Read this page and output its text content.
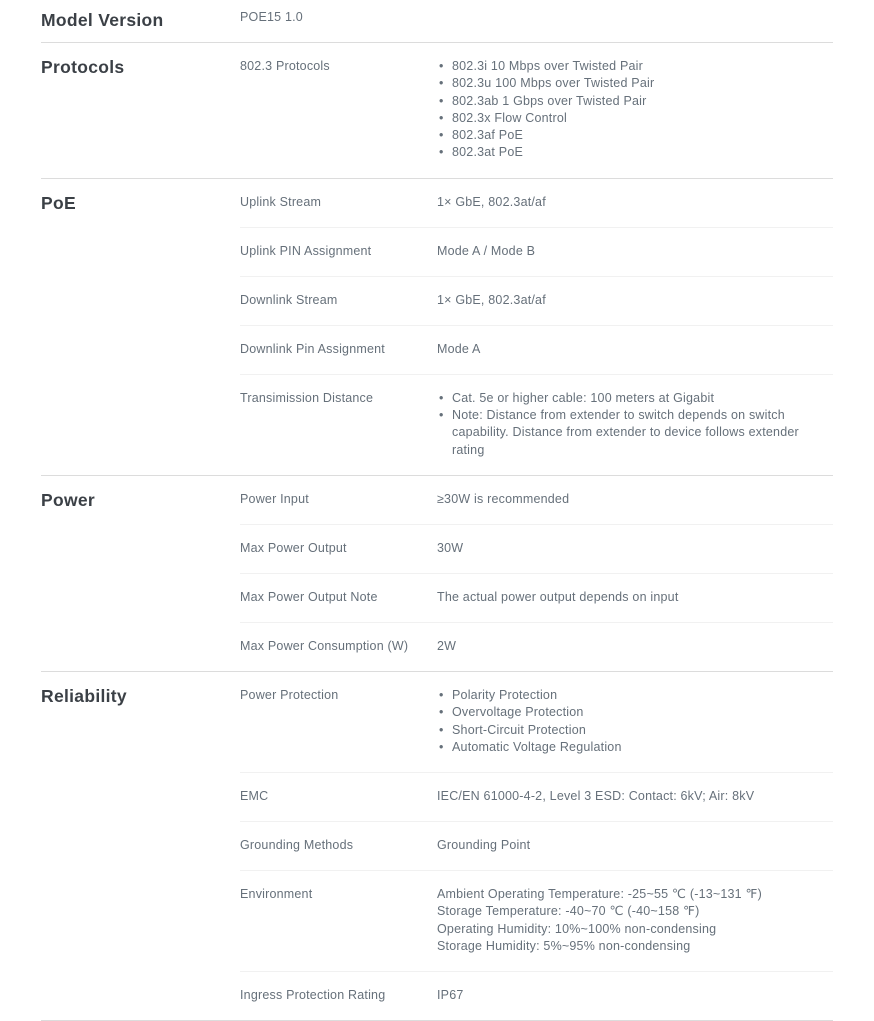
Model Version	POE15 1.0
Protocols	802.3 Protocols	• 802.3i 10 Mbps over Twisted Pair
• 802.3u 100 Mbps over Twisted Pair
• 802.3ab 1 Gbps over Twisted Pair
• 802.3x Flow Control
• 802.3af PoE
• 802.3at PoE
PoE	Uplink Stream	1× GbE, 802.3at/af
Uplink PIN Assignment	Mode A / Mode B
Downlink Stream	1× GbE, 802.3at/af
Downlink Pin Assignment	Mode A
Transimission Distance	• Cat. 5e or higher cable: 100 meters at Gigabit
• Note: Distance from extender to switch depends on switch capability. Distance from extender to device follows extender rating
Power	Power Input	≥30W is recommended
Max Power Output	30W
Max Power Output Note	The actual power output depends on input
Max Power Consumption (W)	2W
Reliability	Power Protection	• Polarity Protection
• Overvoltage Protection
• Short-Circuit Protection
• Automatic Voltage Regulation
EMC	IEC/EN 61000-4-2, Level 3 ESD: Contact: 6kV; Air: 8kV
Grounding Methods	Grounding Point
Environment	Ambient Operating Temperature: -25~55 ℃ (-13~131 ℉)
Storage Temperature: -40~70 ℃ (-40~158 ℉)
Operating Humidity: 10%~100% non-condensing
Storage Humidity: 5%~95% non-condensing
Ingress Protection Rating	IP67
